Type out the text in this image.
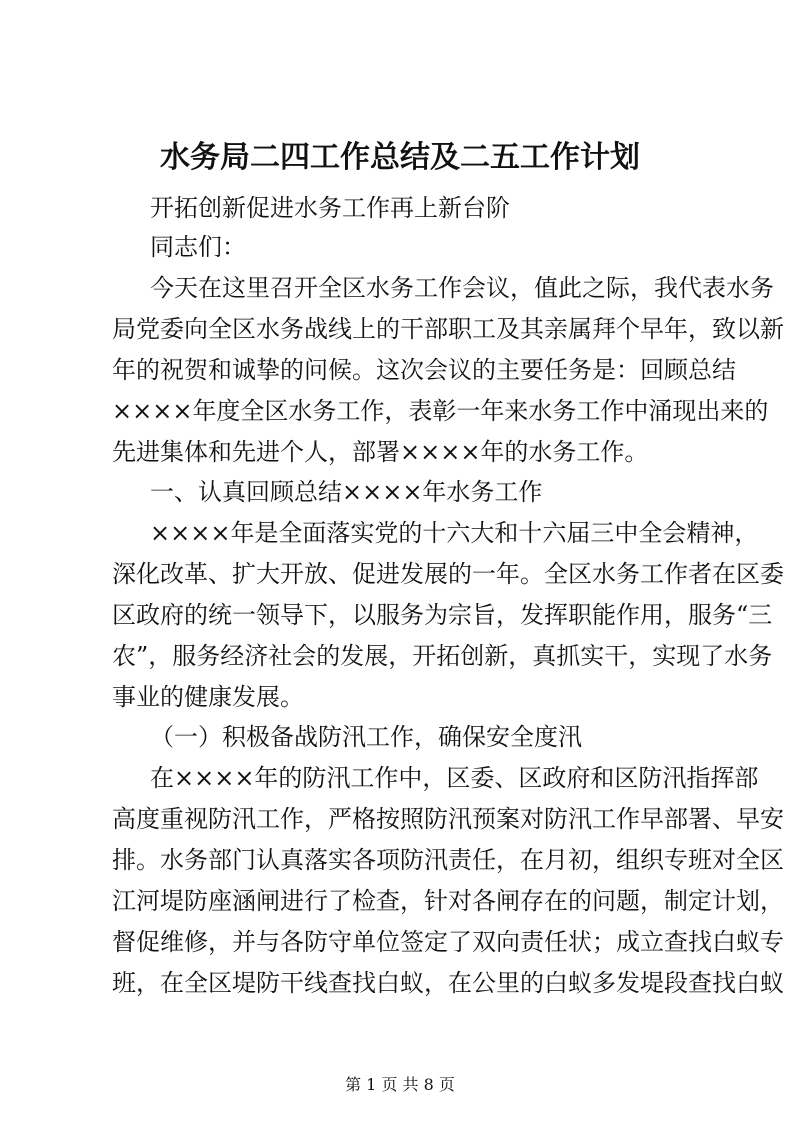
水务局二四工作总结及二五工作计划
开拓创新促进水务工作再上新台阶
同志们：
今天在这里召开全区水务工作会议，值此之际，我代表水务
局党委向全区水务战线上的干部职工及其亲属拜个早年，致以新
年的祝贺和诚挚的问候。这次会议的主要任务是：回顾总结
××××年度全区水务工作，表彰一年来水务工作中涌现出来的
先进集体和先进个人，部署××××年的水务工作。
一、认真回顾总结××××年水务工作
××××年是全面落实党的十六大和十六届三中全会精神，
深化改革、扩大开放、促进发展的一年。全区水务工作者在区委
区政府的统一领导下，以服务为宗旨，发挥职能作用，服务“三
农”，服务经济社会的发展，开拓创新，真抓实干，实现了水务
事业的健康发展。
（一）积极备战防汛工作，确保安全度汛
在××××年的防汛工作中，区委、区政府和区防汛指挥部
高度重视防汛工作，严格按照防汛预案对防汛工作早部署、早安
排。水务部门认真落实各项防汛责任，在月初，组织专班对全区
江河堤防座涵闸进行了检查，针对各闸存在的问题，制定计划，
督促维修，并与各防守单位签定了双向责任状；成立查找白蚁专
班，在全区堤防干线查找白蚁，在公里的白蚁多发堤段查找白蚁
第 1 页 共 8 页
